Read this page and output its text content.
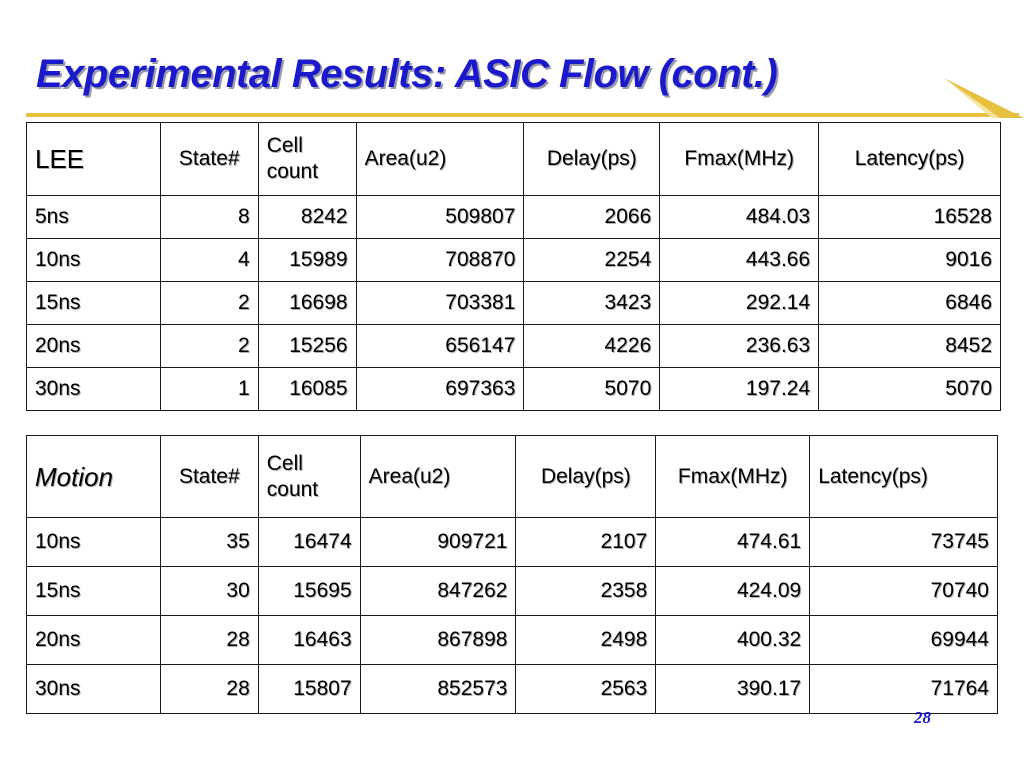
Experimental Results: ASIC Flow (cont.)
LEE	State#	Cell count	Area(u2)	Delay(ps)	Fmax(MHz)	Latency(ps)
5ns	8	8242	509807	2066	484.03	16528
10ns	4	15989	708870	2254	443.66	9016
15ns	2	16698	703381	3423	292.14	6846
20ns	2	15256	656147	4226	236.63	8452
30ns	1	16085	697363	5070	197.24	5070
Motion	State#	Cell count	Area(u2)	Delay(ps)	Fmax(MHz)	Latency(ps)
10ns	35	16474	909721	2107	474.61	73745
15ns	30	15695	847262	2358	424.09	70740
20ns	28	16463	867898	2498	400.32	69944
30ns	28	15807	852573	2563	390.17	71764
28
